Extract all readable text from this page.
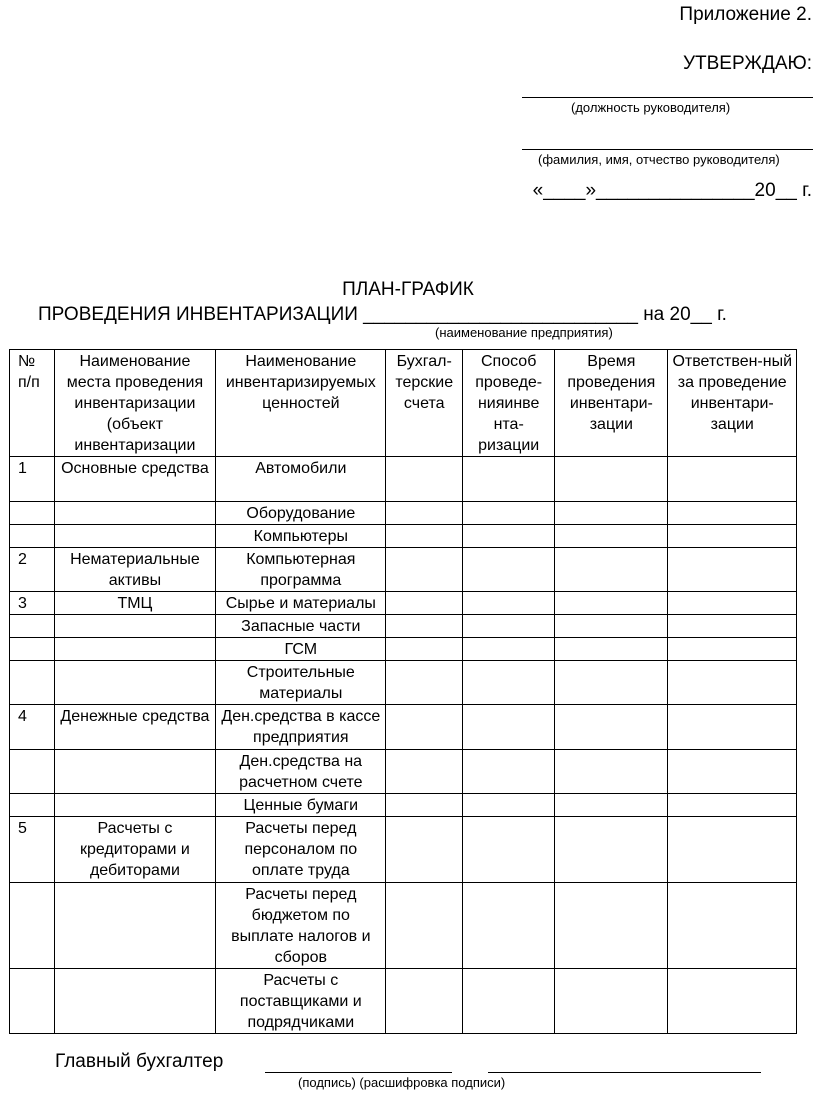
Приложение 2.
УТВЕРЖДАЮ:
(должность руководителя)
(фамилия, имя, отчество руководителя)
«____»_______________20__ г.
ПЛАН-ГРАФИК
ПРОВЕДЕНИЯ ИНВЕНТАРИЗАЦИИ __________________________ на 20__ г.
(наименование предприятия)
№ п/п	Наименование места проведения инвентаризации (объект инвентаризации	Наименование инвентаризируемых ценностей	Бухгал-терские счета	Способ проведе-нияинве нта-ризации	Время проведения инвентари-зации	Ответствен-ный за проведение инвентари-зации
1	Основные средства	Автомобили				
		Оборудование				
		Компьютеры				
2	Нематериальные активы	Компьютерная программа				
3	ТМЦ	Сырье и материалы				
		Запасные части				
		ГСМ				
		Строительные материалы				
4	Денежные средства	Ден.средства в кассе предприятия				
		Ден.средства на расчетном счете				
		Ценные бумаги				
5	Расчеты с кредиторами и дебиторами	Расчеты перед персоналом по оплате труда				
		Расчеты перед бюджетом по выплате налогов и сборов				
		Расчеты с поставщиками и подрядчиками				
Главный бухгалтер
(подпись) (расшифровка подписи)
